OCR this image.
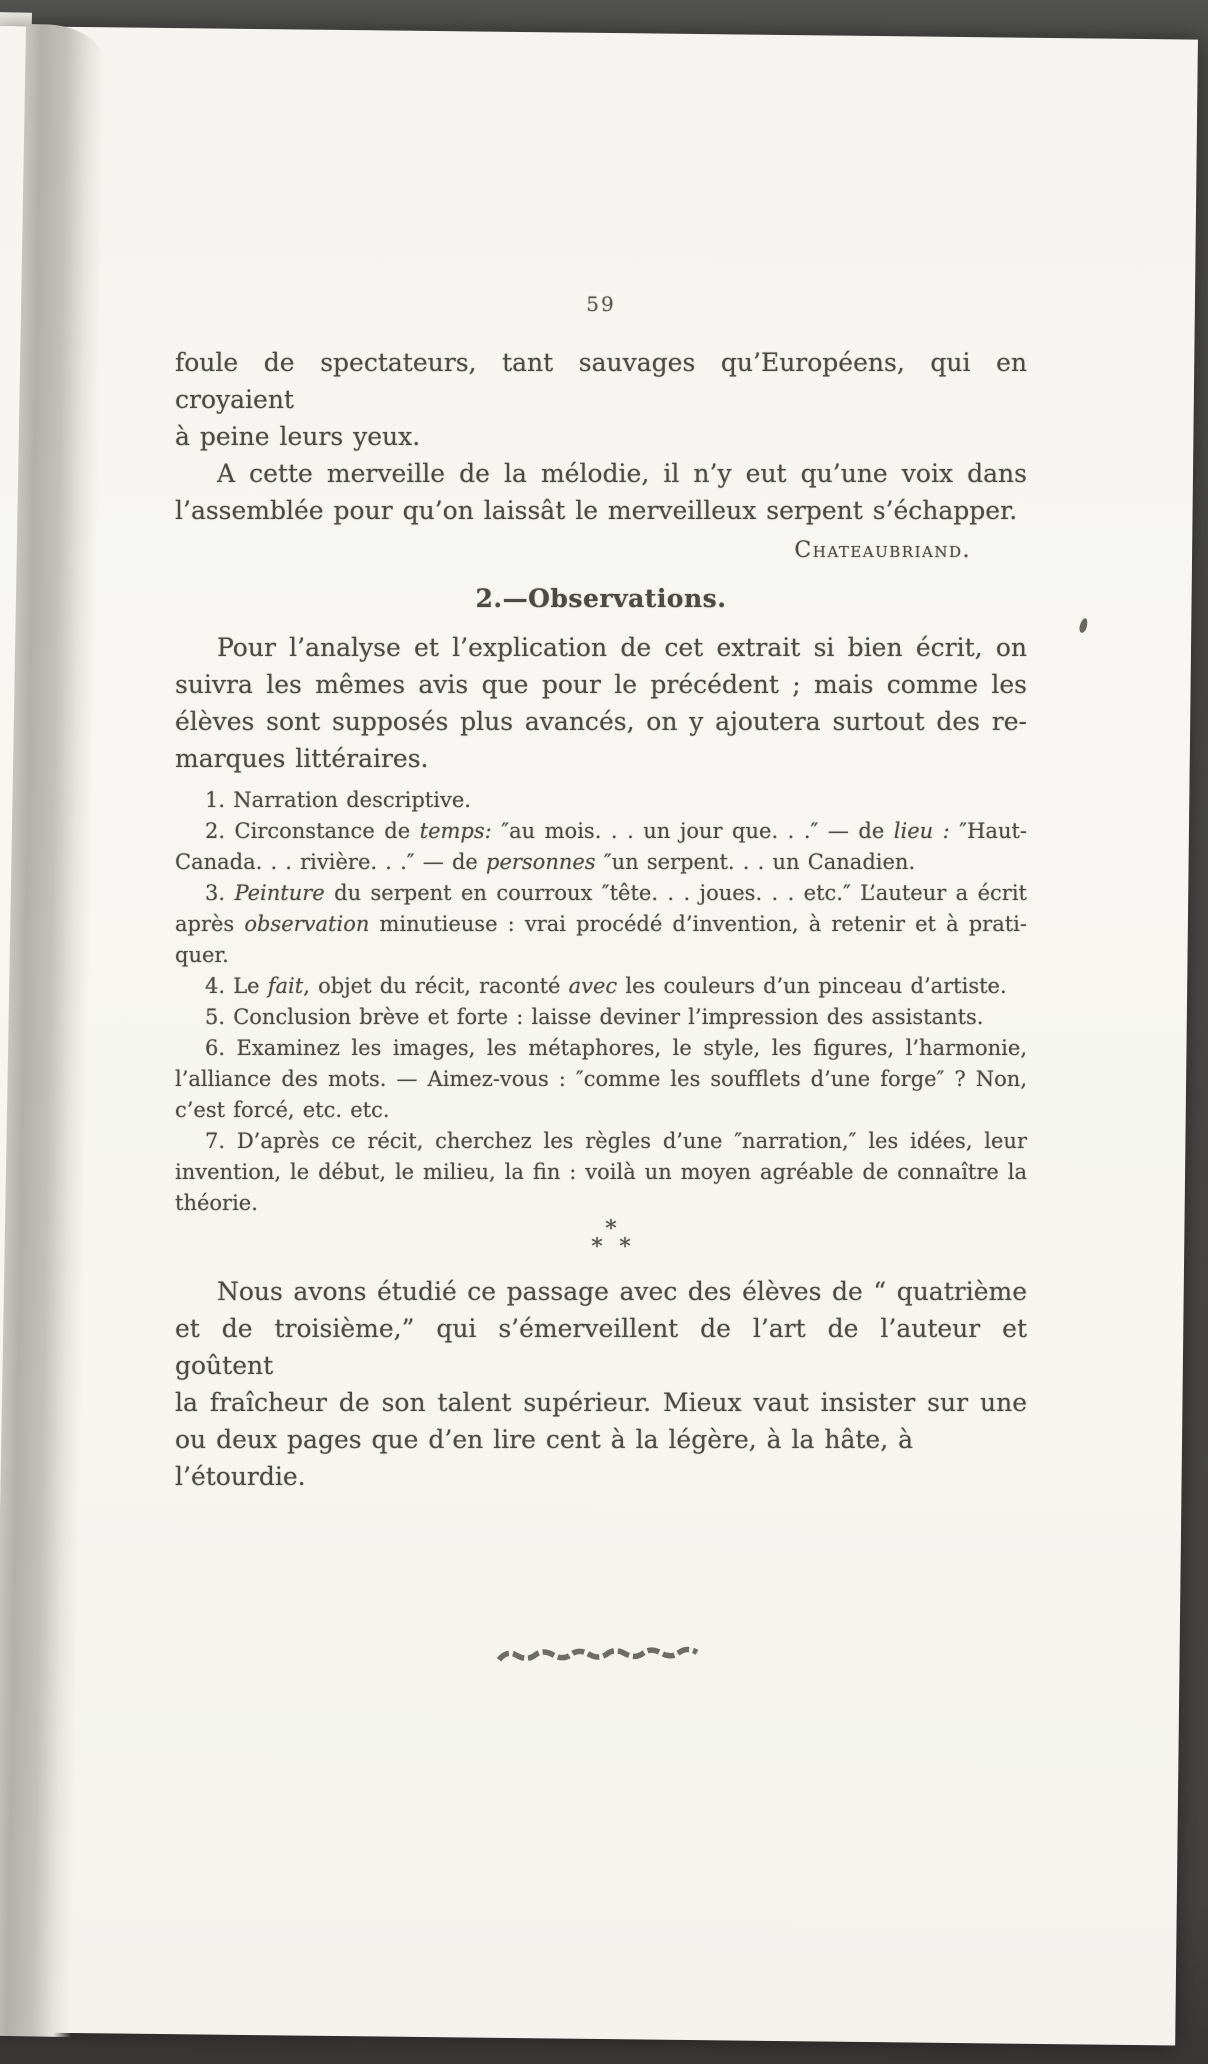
59
foule de spectateurs, tant sauvages qu’Européens, qui en croyaient
à peine leurs yeux.
A cette merveille de la mélodie, il n’y eut qu’une voix dans
l’assemblée pour qu’on laissât le merveilleux serpent s’échapper.
Chateaubriand.
2.—Observations.
Pour l’analyse et l’explication de cet extrait si bien écrit, on
suivra les mêmes avis que pour le précédent ; mais comme les
élèves sont supposés plus avancés, on y ajoutera surtout des re-
marques littéraires.
1. Narration descriptive.
2. Circonstance de temps: ″au mois. . . un jour que. . .″ — de lieu : ″Haut-
Canada. . . rivière. . .″ — de personnes ″un serpent. . . un Canadien.
3. Peinture du serpent en courroux ″tête. . . joues. . . etc.″ L’auteur a écrit
après observation minutieuse : vrai procédé d’invention, à retenir et à prati-
quer.
4. Le fait, objet du récit, raconté avec les couleurs d’un pinceau d’artiste.
5. Conclusion brève et forte : laisse deviner l’impression des assistants.
6. Examinez les images, les métaphores, le style, les figures, l’harmonie,
l’alliance des mots. — Aimez-vous : ″comme les soufflets d’une forge″ ? Non,
c’est forcé, etc. etc.
7. D’après ce récit, cherchez les règles d’une ″narration,″ les idées, leur
invention, le début, le milieu, la fin : voilà un moyen agréable de connaître la
théorie.
*
* *
Nous avons étudié ce passage avec des élèves de “ quatrième
et de troisième,” qui s’émerveillent de l’art de l’auteur et goûtent
la fraîcheur de son talent supérieur. Mieux vaut insister sur une
ou deux pages que d’en lire cent à la légère, à la hâte, à l’étourdie.
